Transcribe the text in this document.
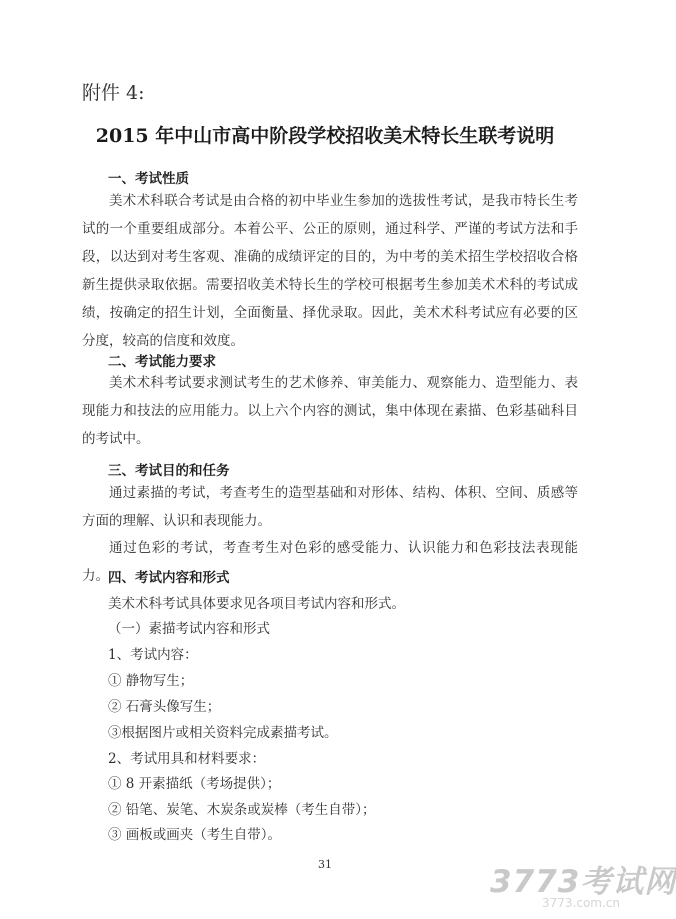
附件 4:
2015 年中山市高中阶段学校招收美术特长生联考说明
一、考试性质

美术术科联合考试是由合格的初中毕业生参加的选拔性考试，是我市特长生考试的一个重要组成部分。本着公平、公正的原则，通过科学、严谨的考试方法和手段，以达到对考生客观、准确的成绩评定的目的，为中考的美术招生学校招收合格新生提供录取依据。需要招收美术特长生的学校可根据考生参加美术术科的考试成绩，按确定的招生计划，全面衡量、择优录取。因此，美术术科考试应有必要的区分度，较高的信度和效度。

二、考试能力要求

美术术科考试要求测试考生的艺术修养、审美能力、观察能力、造型能力、表现能力和技法的应用能力。以上六个内容的测试，集中体现在素描、色彩基础科目的考试中。

三、考试目的和任务

通过素描的考试，考查考生的造型基础和对形体、结构、体积、空间、质感等方面的理解、认识和表现能力。

通过色彩的考试，考查考生对色彩的感受能力、认识能力和色彩技法表现能力。 四、考试内容和形式
美术术科考试具体要求见各项目考试内容和形式。
（一）素描考试内容和形式
1、考试内容：
① 静物写生；
② 石膏头像写生；
③根据图片或相关资料完成素描考试。
2、考试用具和材料要求：
① 8 开素描纸（考场提供）；
② 铅笔、炭笔、木炭条或炭棒（考生自带）；
③ 画板或画夹（考生自带）。
31	3773考试网
3773.com.cn
